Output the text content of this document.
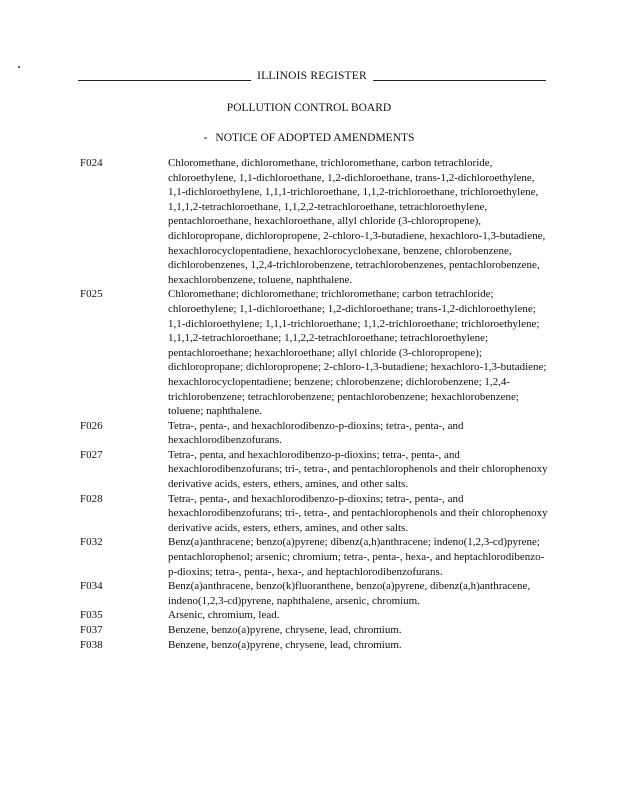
ILLINOIS REGISTER
POLLUTION CONTROL BOARD
- NOTICE OF ADOPTED AMENDMENTS
F024	Chloromethane, dichloromethane, trichloromethane, carbon tetrachloride, chloroethylene, 1,1-dichloroethane, 1,2-dichloroethane, trans-1,2-dichloroethylene, 1,1-dichloroethylene, 1,1,1-trichloroethane, 1,1,2-trichloroethane, trichloroethylene, 1,1,1,2-tetrachloroethane, 1,1,2,2-tetrachloroethane, tetrachloroethylene, pentachloroethane, hexachloroethane, allyl chloride (3-chloropropene), dichloropropane, dichloropropene, 2-chloro-1,3-butadiene, hexachloro-1,3-butadiene, hexachlorocyclopentadiene, hexachlorocyclohexane, benzene, chlorobenzene, dichlorobenzenes, 1,2,4-trichlorobenzene, tetrachlorobenzenes, pentachlorobenzene, hexachlorobenzene, toluene, naphthalene.
F025	Chloromethane; dichloromethane; trichloromethane; carbon tetrachloride; chloroethylene; 1,1-dichloroethane; 1,2-dichloroethane; trans-1,2-dichloroethylene; 1,1-dichloroethylene; 1,1,1-trichloroethane; 1,1,2-trichloroethane; trichloroethylene; 1,1,1,2-tetrachloroethane; 1,1,2,2-tetrachloroethane; tetrachloroethylene; pentachloroethane; hexachloroethane; allyl chloride (3-chloropropene); dichloropropane; dichloropropene; 2-chloro-1,3-butadiene; hexachloro-1,3-butadiene; hexachlorocyclopentadiene; benzene; chlorobenzene; dichlorobenzene; 1,2,4-trichlorobenzene; tetrachlorobenzene; pentachlorobenzene; hexachlorobenzene; toluene; naphthalene.
F026	Tetra-, penta-, and hexachlorodibenzo-p-dioxins; tetra-, penta-, and hexachlorodibenzofurans.
F027	Tetra-, penta, and hexachlorodibenzo-p-dioxins; tetra-, penta-, and hexachlorodibenzofurans; tri-, tetra-, and pentachlorophenols and their chlorophenoxy derivative acids, esters, ethers, amines, and other salts.
F028	Tetra-, penta-, and hexachlorodibenzo-p-dioxins; tetra-, penta-, and hexachlorodibenzofurans; tri-, tetra-, and pentachlorophenols and their chlorophenoxy derivative acids, esters, ethers, amines, and other salts.
F032	Benz(a)anthracene; benzo(a)pyrene; dibenz(a,h)anthracene; indeno(1,2,3-cd)pyrene; pentachlorophenol; arsenic; chromium; tetra-, penta-, hexa-, and heptachlorodibenzo-p-dioxins; tetra-, penta-, hexa-, and heptachlorodibenzofurans.
F034	Benz(a)anthracene, benzo(k)fluoranthene, benzo(a)pyrene, dibenz(a,h)anthracene, indeno(1,2,3-cd)pyrene, naphthalene, arsenic, chromium.
F035	Arsenic, chromium, lead.
F037	Benzene, benzo(a)pyrene, chrysene, lead, chromium.
F038	Benzene, benzo(a)pyrene, chrysene, lead, chromium.
